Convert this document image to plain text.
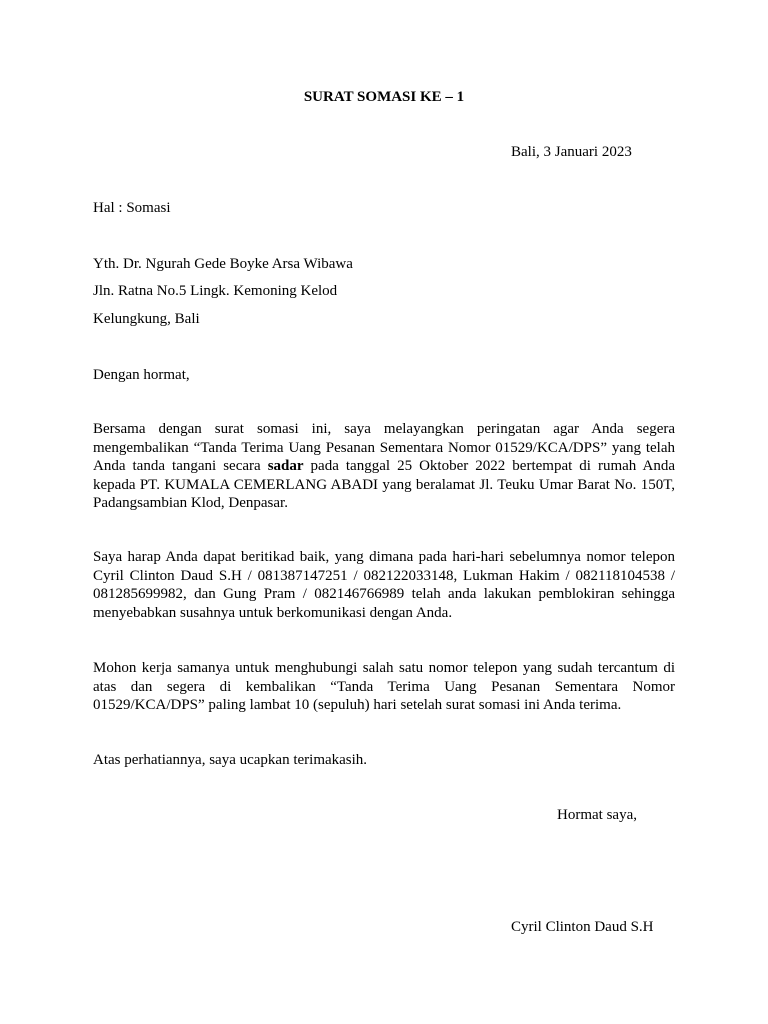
SURAT SOMASI KE – 1
Bali, 3 Januari 2023
Hal : Somasi
Yth. Dr. Ngurah Gede Boyke Arsa Wibawa
Jln. Ratna No.5 Lingk. Kemoning Kelod
Kelungkung, Bali
Dengan hormat,

Bersama dengan surat somasi ini, saya melayangkan peringatan agar Anda segera mengembalikan “Tanda Terima Uang Pesanan Sementara Nomor 01529/KCA/DPS” yang telah Anda tanda tangani secara sadar pada tanggal 25 Oktober 2022 bertempat di rumah Anda kepada PT. KUMALA CEMERLANG ABADI yang beralamat Jl. Teuku Umar Barat No. 150T, Padangsambian Klod, Denpasar.

Saya harap Anda dapat beritikad baik, yang dimana pada hari-hari sebelumnya nomor telepon Cyril Clinton Daud S.H / 081387147251 / 082122033148, Lukman Hakim / 082118104538 / 081285699982, dan Gung Pram / 082146766989 telah anda lakukan pemblokiran sehingga menyebabkan susahnya untuk berkomunikasi dengan Anda.

Mohon kerja samanya untuk menghubungi salah satu nomor telepon yang sudah tercantum di atas dan segera di kembalikan “Tanda Terima Uang Pesanan Sementara Nomor 01529/KCA/DPS” paling lambat 10 (sepuluh) hari setelah surat somasi ini Anda terima.

Atas perhatiannya, saya ucapkan terimakasih.
Hormat saya,
Cyril Clinton Daud S.H
